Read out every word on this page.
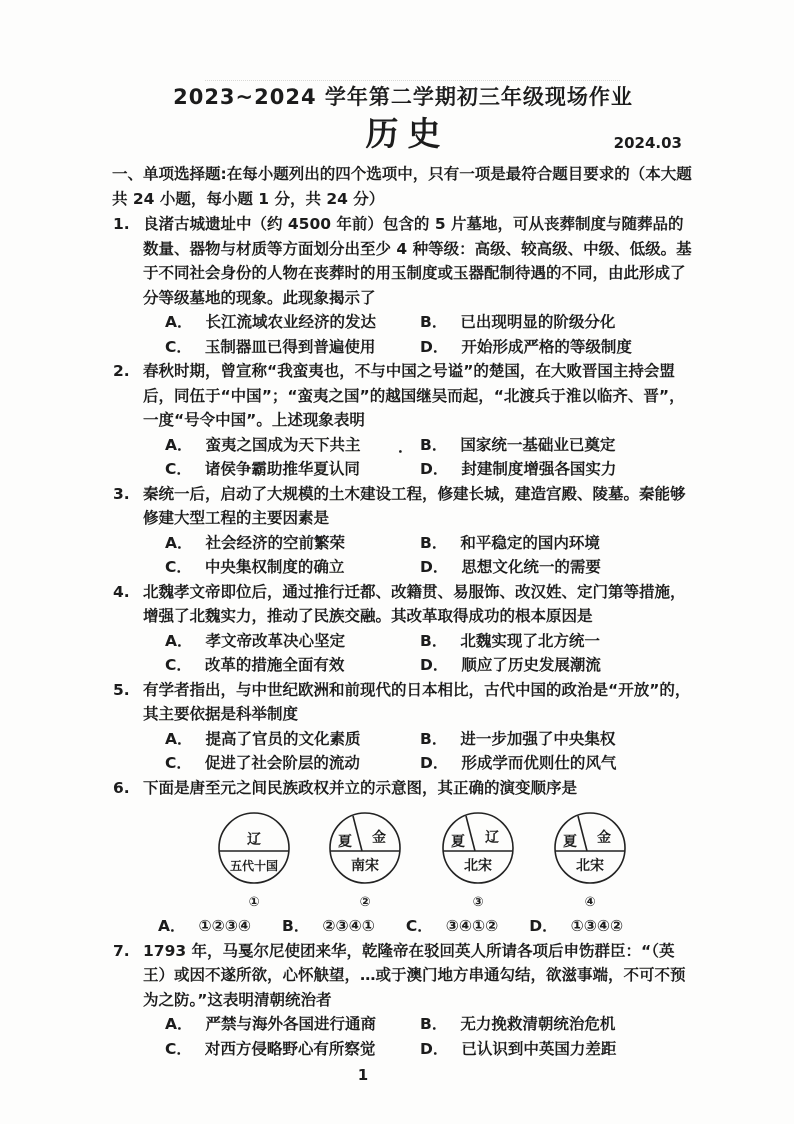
2023~2024 学年第二学期初三年级现场作业

历史	2024.03

一、单项选择题:在每小题列出的四个选项中，只有一项是最符合题目要求的（本大题共 24 小题，每小题 1 分，共 24 分）

1. 良渚古城遗址中（约 4500 年前）包含的 5 片墓地，可从丧葬制度与随葬品的数量、器物与材质等方面划分出至少 4 种等级：高级、较高级、中级、低级。基于不同社会身份的人物在丧葬时的用玉制度或玉器配制待遇的不同，由此形成了分等级墓地的现象。此现象揭示了

A． 长江流域农业经济的发达	B． 已出现明显的阶级分化

C． 玉制器皿已得到普遍使用	D． 开始形成严格的等级制度

2. 春秋时期，曾宣称“我蛮夷也，不与中国之号谥”的楚国，在大败晋国主持会盟后，同伍于“中国”；“蛮夷之国”的越国继吴而起，“北渡兵于淮以临齐、晋”，一度“号令中国”。上述现象表明

．

A． 蛮夷之国成为天下共主	B． 国家统一基础业已奠定

C． 诸侯争霸助推华夏认同	D． 封建制度增强各国实力

3. 秦统一后，启动了大规模的土木建设工程，修建长城，建造宫殿、陵墓。秦能够修建大型工程的主要因素是

A． 社会经济的空前繁荣	B． 和平稳定的国内环境

C． 中央集权制度的确立	D． 思想文化统一的需要

4. 北魏孝文帝即位后，通过推行迁都、改籍贯、易服饰、改汉姓、定门第等措施，增强了北魏实力，推动了民族交融。其改革取得成功的根本原因是

A． 孝文帝改革决心坚定	B． 北魏实现了北方统一

C． 改革的措施全面有效	D． 顺应了历史发展潮流

5. 有学者指出，与中世纪欧洲和前现代的日本相比，古代中国的政治是“开放”的，其主要依据是科举制度

A． 提高了官员的文化素质	B． 进一步加强了中央集权

C． 促进了社会阶层的流动	D． 形成学而优则仕的风气

6. 下面是唐至元之间民族政权并立的示意图，其正确的演变顺序是

辽
五代十国
①
夏 金
南宋
②
夏 辽
北宋
③
夏 金
北宋
④
A． ①②③④ B． ②③④① C． ③④①② D． ①③④②

7. 1793 年，马戛尔尼使团来华，乾隆帝在驳回英人所请各项后申饬群臣：“（英王）或因不遂所欲，心怀觖望，…或于澳门地方串通勾结，欲滋事端，不可不预为之防。”这表明清朝统治者

A． 严禁与海外各国进行通商	B． 无力挽救清朝统治危机

C． 对西方侵略野心有所察觉	D． 已认识到中英国力差距

1
